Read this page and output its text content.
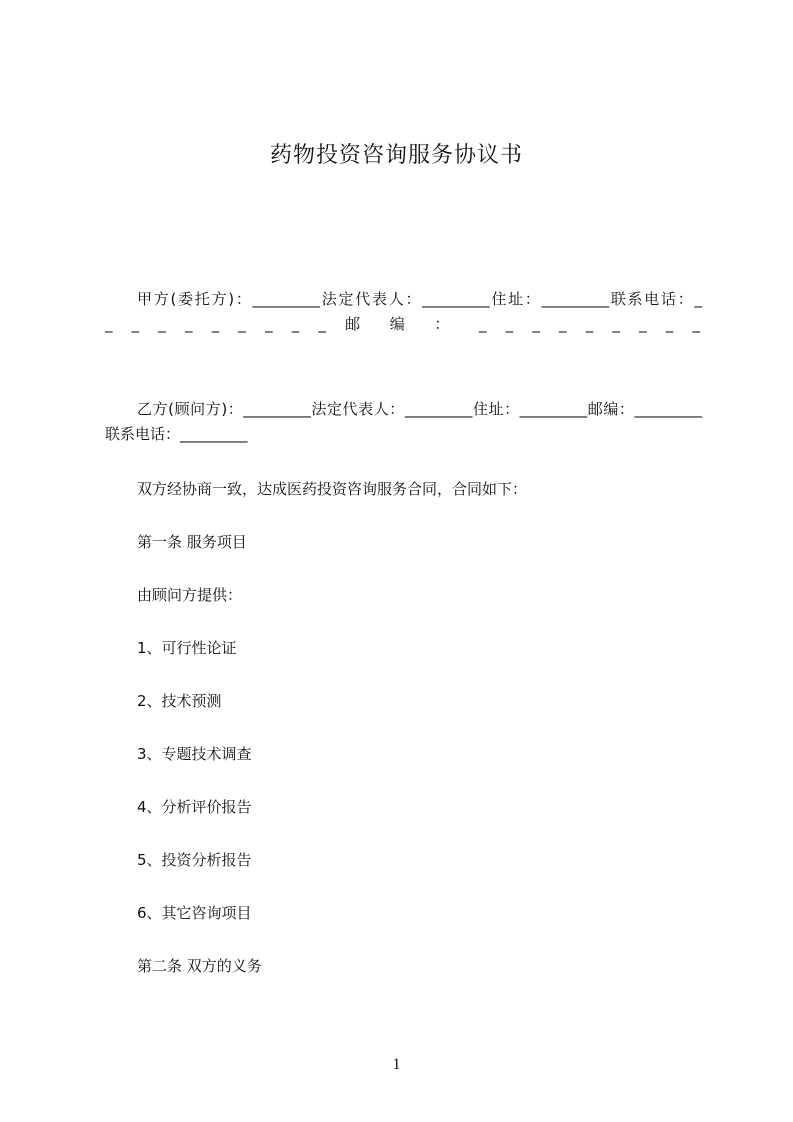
药物投资咨询服务协议书
甲方(委托方)：_________法定代表人：_________住址：_________联系电话：_
_ _ _ _ _ _ _ _ _ 邮 编 ： _ _ _ _ _ _ _ _ _
乙方(顾问方)：_________法定代表人：_________住址：_________邮编：_________联系电话：_________
双方经协商一致，达成医药投资咨询服务合同，合同如下：
第一条 服务项目
由顾问方提供：
1、可行性论证
2、技术预测
3、专题技术调查
4、分析评价报告
5、投资分析报告
6、其它咨询项目
第二条 双方的义务
1
